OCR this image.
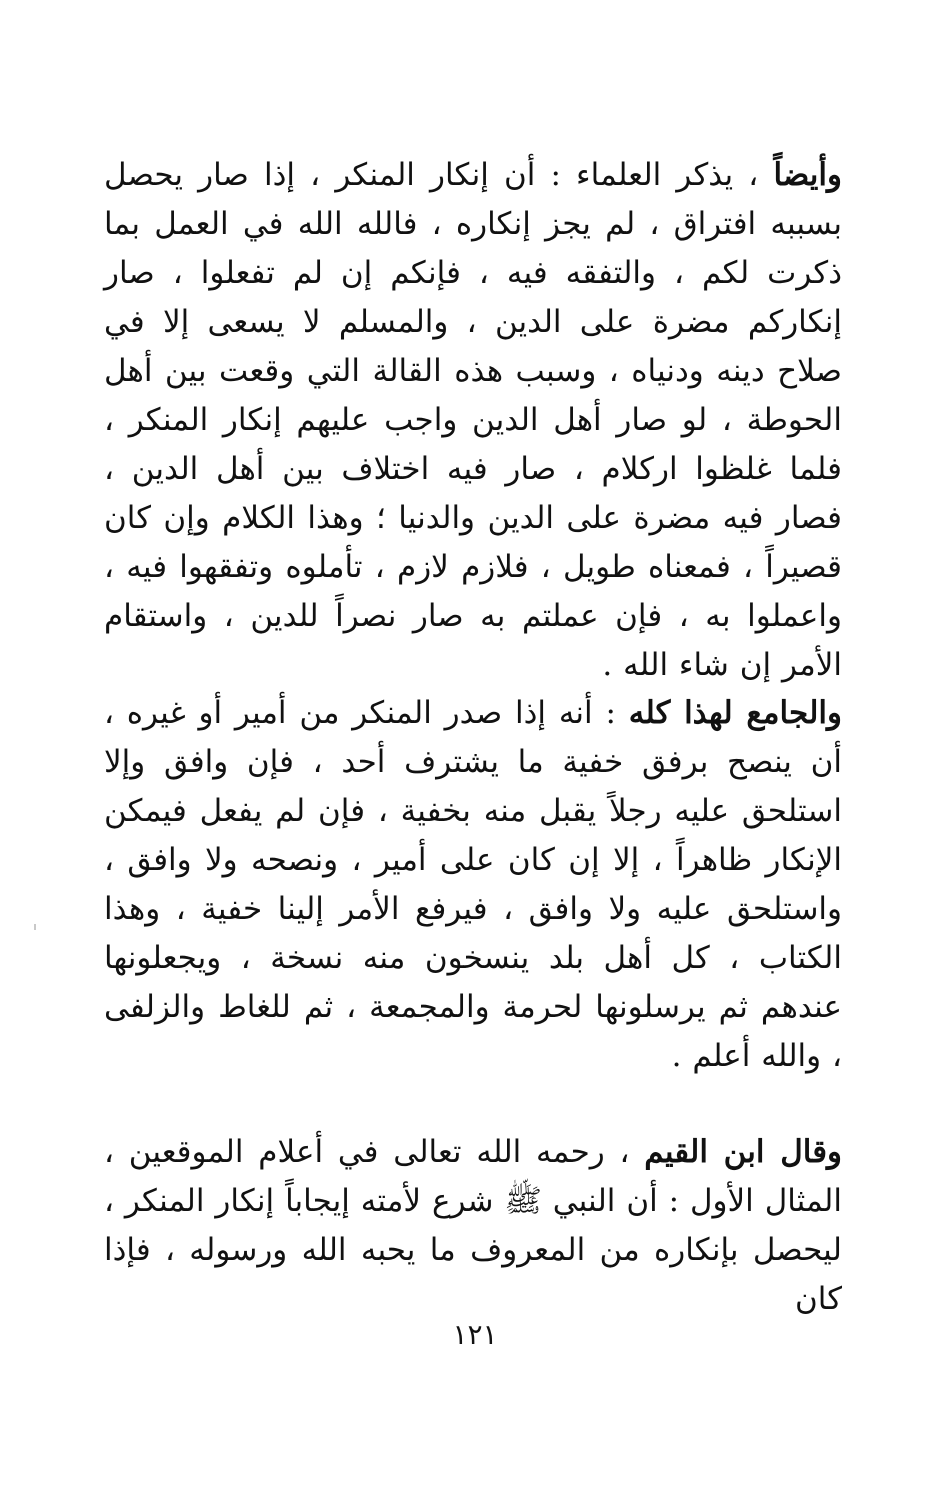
وأيضاً ، يذكر العلماء : أن إنكار المنكر ، إذا صار يحصل بسببه افتراق ، لم يجز إنكاره ، فالله الله في العمل بما ذكرت لكم ، والتفقه فيه ، فإنكم إن لم تفعلوا ، صار إنكاركم مضرة على الدين ، والمسلم لا يسعى إلا في صلاح دينه ودنياه ، وسبب هذه القالة التي وقعت بين أهل الحوطة ، لو صار أهل الدين واجب عليهم إنكار المنكر ، فلما غلظوا اركلام ، صار فيه اختلاف بين أهل الدين ، فصار فيه مضرة على الدين والدنيا ؛ وهذا الكلام وإن كان قصيراً ، فمعناه طويل ، فلازم لازم ، تأملوه وتفقهوا فيه ، واعملوا به ، فإن عملتم به صار نصراً للدين ، واستقام الأمر إن شاء الله .

والجامع لهذا كله : أنه إذا صدر المنكر من أمير أو غيره ، أن ينصح برفق خفية ما يشترف أحد ، فإن وافق وإلا استلحق عليه رجلاً يقبل منه بخفية ، فإن لم يفعل فيمكن الإنكار ظاهراً ، إلا إن كان على أمير ، ونصحه ولا وافق ، واستلحق عليه ولا وافق ، فيرفع الأمر إلينا خفية ، وهذا الكتاب ، كل أهل بلد ينسخون منه نسخة ، ويجعلونها عندهم ثم يرسلونها لحرمة والمجمعة ، ثم للغاط والزلفى ، والله أعلم .

وقال ابن القيم ، رحمه الله تعالى في أعلام الموقعين ، المثال الأول : أن النبي ﷺ شرع لأمته إيجاباً إنكار المنكر ، ليحصل بإنكاره من المعروف ما يحبه الله ورسوله ، فإذا كان

١٢١
